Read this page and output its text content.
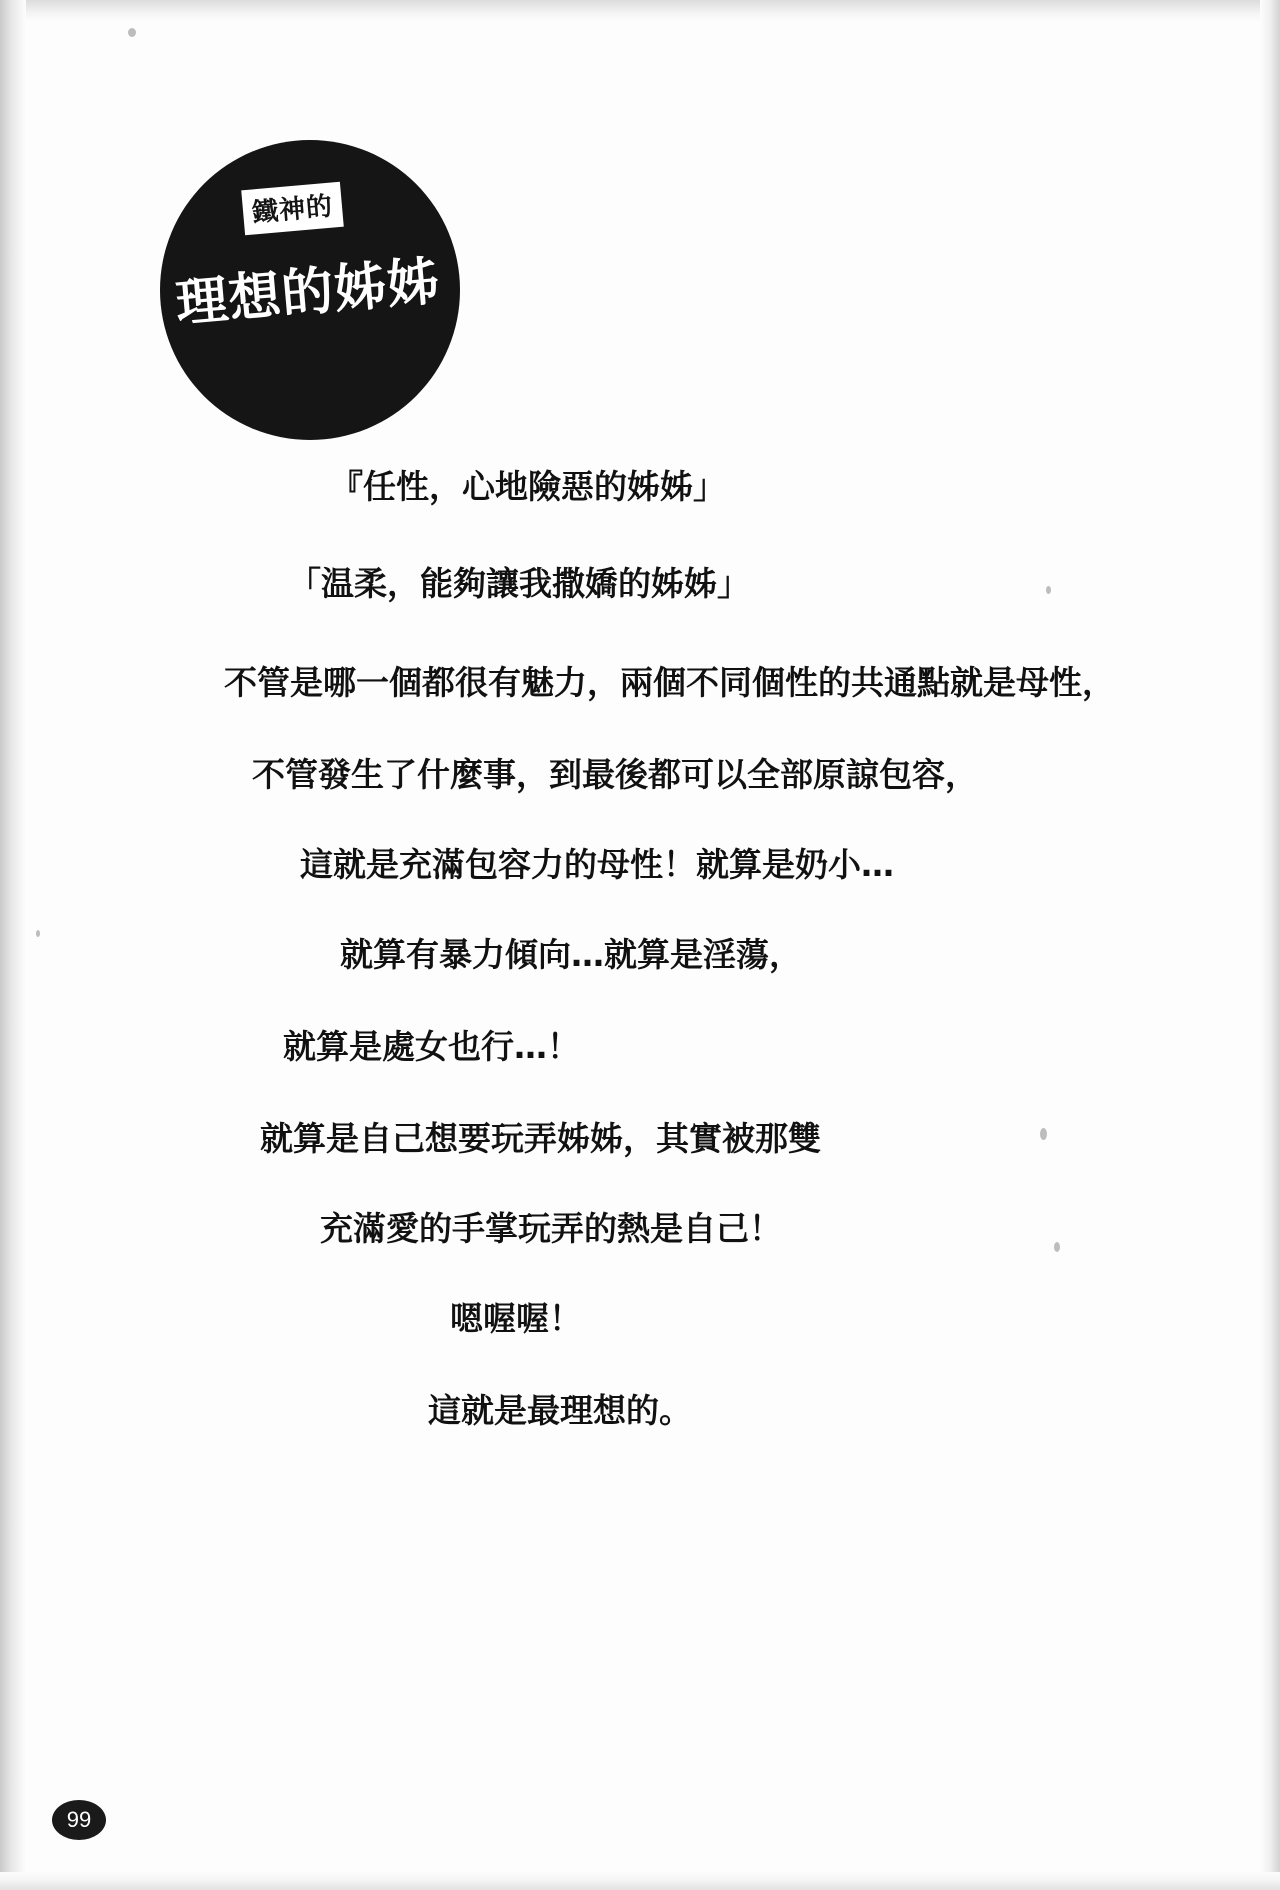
鐵神的
理想的姊姊
『任性，心地險惡的姊姊」
「温柔，能夠讓我撒嬌的姊姊」
不管是哪一個都很有魅力，兩個不同個性的共通點就是母性，
不管發生了什麼事，到最後都可以全部原諒包容，
這就是充滿包容力的母性！就算是奶小…
就算有暴力傾向…就算是淫蕩，
就算是處女也行…！
就算是自己想要玩弄姊姊，其實被那雙
充滿愛的手掌玩弄的熱是自己！
嗯喔喔！
這就是最理想的。
99
